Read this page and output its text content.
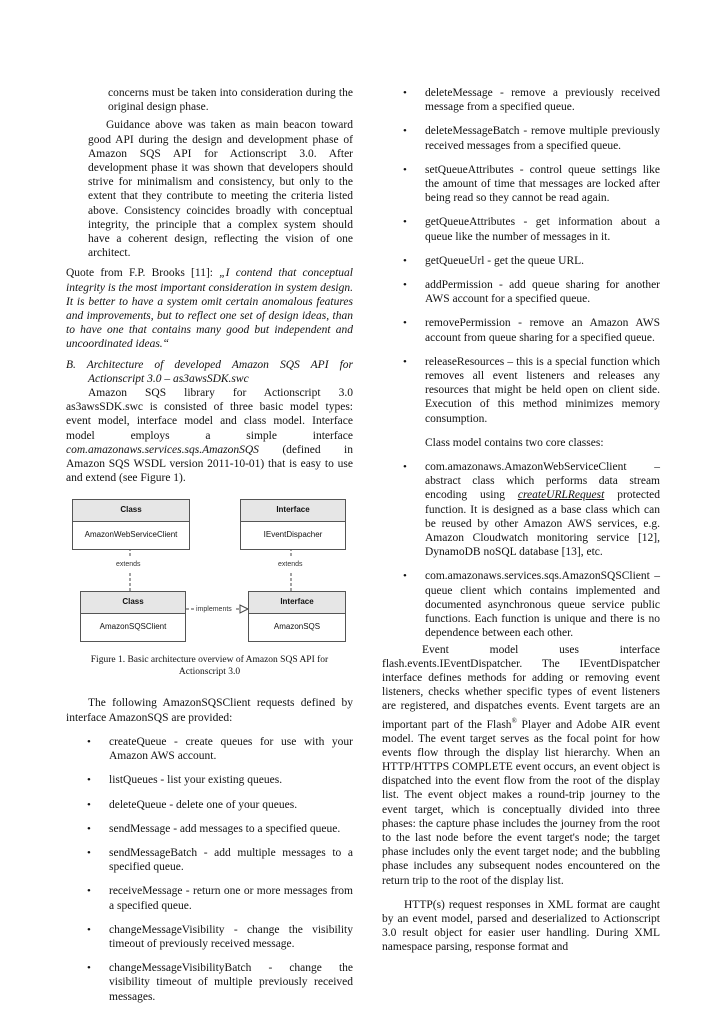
concerns must be taken into consideration during the original design phase.

Guidance above was taken as main beacon toward good API during the design and development phase of Amazon SQS API for Actionscript 3.0. After development phase it was shown that developers should strive for minimalism and consistency, but only to the extent that they contribute to meeting the criteria listed above. Consistency coincides broadly with conceptual integrity, the principle that a complex system should have a coherent design, reflecting the vision of one architect.

Quote from F.P. Brooks [11]: „I contend that conceptual integrity is the most important consideration in system design. It is better to have a system omit certain anomalous features and improvements, but to reflect one set of design ideas, than to have one that contains many good but independent and uncoordinated ideas.“

B. Architecture of developed Amazon SQS API for Actionscript 3.0 – as3awsSDK.swc

Amazon SQS library for Actionscript 3.0 as3awsSDK.swc is consisted of three basic model types: event model, interface model and class model. Interface model employs a simple interface com.amazonaws.services.sqs.AmazonSQS (defined in Amazon SQS WSDL version 2011-10-01) that is easy to use and extend (see Figure 1).

Class
AmazonWebServiceClient
Interface
IEventDispacher
Class
AmazonSQSClient
Interface
AmazonSQS
extends	extends
implements

Figure 1. Basic architecture overview of Amazon SQS API for Actionscript 3.0

The following AmazonSQSClient requests defined by interface AmazonSQS are provided:

• createQueue - create queues for use with your Amazon AWS account.
• listQueues - list your existing queues.
• deleteQueue - delete one of your queues.
• sendMessage - add messages to a specified queue.
• sendMessageBatch - add multiple messages to a specified queue.
• receiveMessage - return one or more messages from a specified queue.
• changeMessageVisibility - change the visibility timeout of previously received message.
• changeMessageVisibilityBatch - change the visibility timeout of multiple previously received messages.
• deleteMessage - remove a previously received message from a specified queue.
• deleteMessageBatch - remove multiple previously received messages from a specified queue.
• setQueueAttributes - control queue settings like the amount of time that messages are locked after being read so they cannot be read again.
• getQueueAttributes - get information about a queue like the number of messages in it.
• getQueueUrl - get the queue URL.
• addPermission - add queue sharing for another AWS account for a specified queue.
• removePermission - remove an Amazon AWS account from queue sharing for a specified queue.
• releaseResources – this is a special function which removes all event listeners and releases any resources that might be held open on client side. Execution of this method minimizes memory consumption.

Class model contains two core classes:

• com.amazonaws.AmazonWebServiceClient – abstract class which performs data stream encoding using createURLRequest protected function. It is designed as a base class which can be reused by other Amazon AWS services, e.g. Amazon Cloudwatch monitoring service [12], DynamoDB noSQL database [13], etc.
• com.amazonaws.services.sqs.AmazonSQSClient – queue client which contains implemented and documented asynchronous queue service public functions. Each function is unique and there is no dependence between each other.

Event model uses interface flash.events.IEventDispatcher. The IEventDispatcher interface defines methods for adding or removing event listeners, checks whether specific types of event listeners are registered, and dispatches events. Event targets are an important part of the Flash® Player and Adobe AIR event model. The event target serves as the focal point for how events flow through the display list hierarchy. When an HTTP/HTTPS COMPLETE event occurs, an event object is dispatched into the event flow from the root of the display list. The event object makes a round-trip journey to the event target, which is conceptually divided into three phases: the capture phase includes the journey from the root to the last node before the event target's node; the target phase includes only the event target node; and the bubbling phase includes any subsequent nodes encountered on the return trip to the root of the display list.

HTTP(s) request responses in XML format are caught by an event model, parsed and deserialized to Actionscript 3.0 result object for easier user handling. During XML namespace parsing, response format and
